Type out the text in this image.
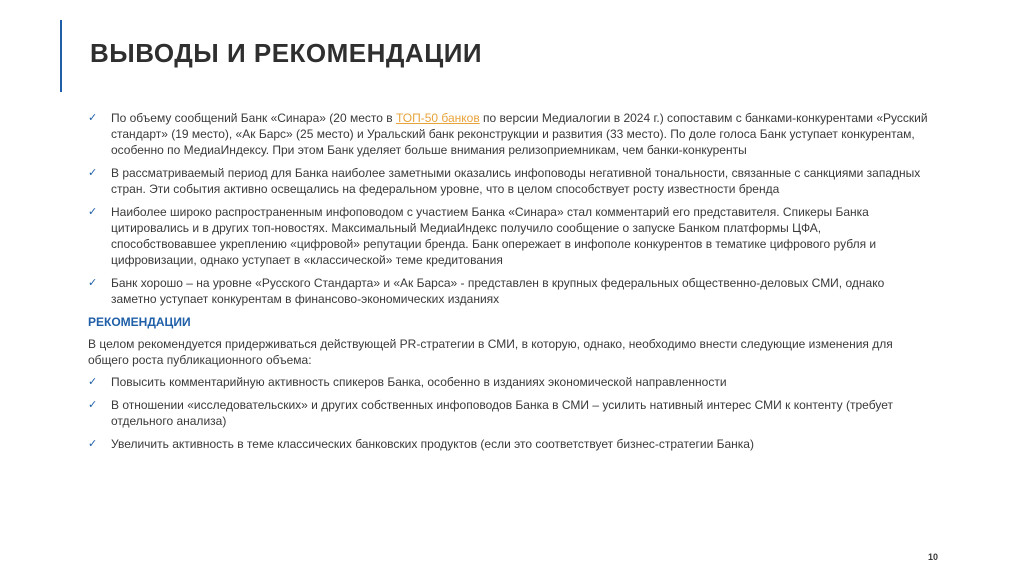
ВЫВОДЫ И РЕКОМЕНДАЦИИ
✓ По объему сообщений Банк «Синара» (20 место в ТОП-50 банков по версии Медиалогии в 2024 г.) сопоставим с банками-конкурентами «Русский стандарт» (19 место), «Ак Барс» (25 место) и Уральский банк реконструкции и развития (33 место). По доле голоса Банк уступает конкурентам, особенно по МедиаИндексу. При этом Банк уделяет больше внимания релизоприемникам, чем банки-конкуренты
✓ В рассматриваемый период для Банка наиболее заметными оказались инфоповоды негативной тональности, связанные с санкциями западных стран. Эти события активно освещались на федеральном уровне, что в целом способствует росту известности бренда
✓ Наиболее широко распространенным инфоповодом с участием Банка «Синара» стал комментарий его представителя. Спикеры Банка цитировались и в других топ-новостях. Максимальный МедиаИндекс получило сообщение о запуске Банком платформы ЦФА, способствовавшее укреплению «цифровой» репутации бренда. Банк опережает в инфополе конкурентов в тематике цифрового рубля и цифровизации, однако уступает в «классической» теме кредитования
✓ Банк хорошо – на уровне «Русского Стандарта» и «Ак Барса» - представлен в крупных федеральных общественно-деловых СМИ, однако заметно уступает конкурентам в финансово-экономических изданиях
РЕКОМЕНДАЦИИ

В целом рекомендуется придерживаться действующей PR-стратегии в СМИ, в которую, однако, необходимо внести следующие изменения для общего роста публикационного объема:

✓ Повысить комментарийную активность спикеров Банка, особенно в изданиях экономической направленности
✓ В отношении «исследовательских» и других собственных инфоповодов Банка в СМИ – усилить нативный интерес СМИ к контенту (требует отдельного анализа)
✓ Увеличить активность в теме классических банковских продуктов (если это соответствует бизнес-стратегии Банка)
10
